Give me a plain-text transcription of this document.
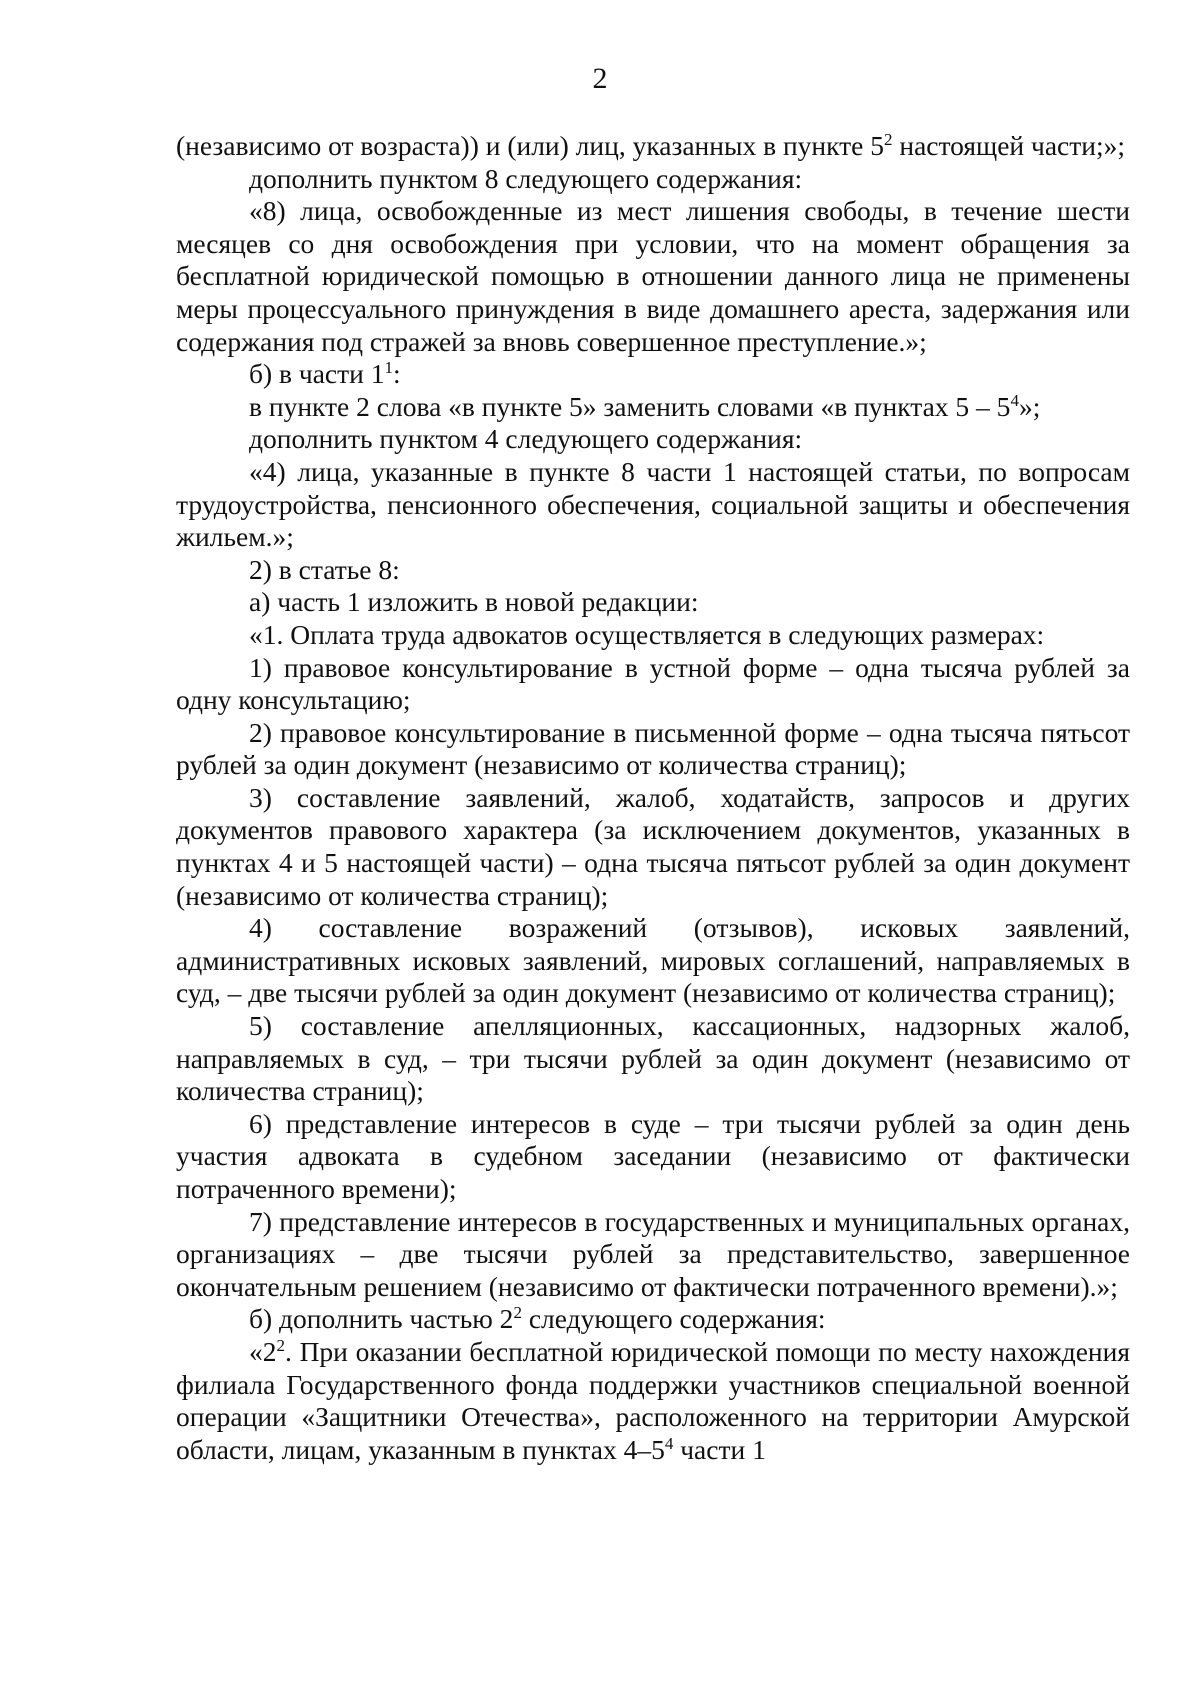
2

(независимо от возраста)) и (или) лиц, указанных в пункте $5^2$ настоящей части;»;

дополнить пунктом 8 следующего содержания:

«8) лица, освобожденные из мест лишения свободы, в течение шести месяцев со дня освобождения при условии, что на момент обращения за бесплатной юридической помощью в отношении данного лица не применены меры процессуального принуждения в виде домашнего ареста, задержания или содержания под стражей за вновь совершенное преступление.»;

б) в части $1^1$:

в пункте 2 слова «в пункте 5» заменить словами «в пунктах $5 - 5^4$»;

дополнить пунктом 4 следующего содержания:

«4) лица, указанные в пункте 8 части 1 настоящей статьи, по вопросам трудоустройства, пенсионного обеспечения, социальной защиты и обеспечения жильем.»;

2) в статье 8:

а) часть 1 изложить в новой редакции:

«1. Оплата труда адвокатов осуществляется в следующих размерах:

1) правовое консультирование в устной форме – одна тысяча рублей за одну консультацию;

2) правовое консультирование в письменной форме – одна тысяча пятьсот рублей за один документ (независимо от количества страниц);

3) составление заявлений, жалоб, ходатайств, запросов и других документов правового характера (за исключением документов, указанных в пунктах 4 и 5 настоящей части) – одна тысяча пятьсот рублей за один документ (независимо от количества страниц);

4) составление возражений (отзывов), исковых заявлений, административных исковых заявлений, мировых соглашений, направляемых в суд, – две тысячи рублей за один документ (независимо от количества страниц);

5) составление апелляционных, кассационных, надзорных жалоб, направляемых в суд, – три тысячи рублей за один документ (независимо от количества страниц);

6) представление интересов в суде – три тысячи рублей за один день участия адвоката в судебном заседании (независимо от фактически потраченного времени);

7) представление интересов в государственных и муниципальных органах, организациях – две тысячи рублей за представительство, завершенное окончательным решением (независимо от фактически потраченного времени).»;

б) дополнить частью $2^2$ следующего содержания:

«$2^2$. При оказании бесплатной юридической помощи по месту нахождения филиала Государственного фонда поддержки участников специальной военной операции «Защитники Отечества», расположенного на территории Амурской области, лицам, указанным в пунктах $4-5^4$ части 1
